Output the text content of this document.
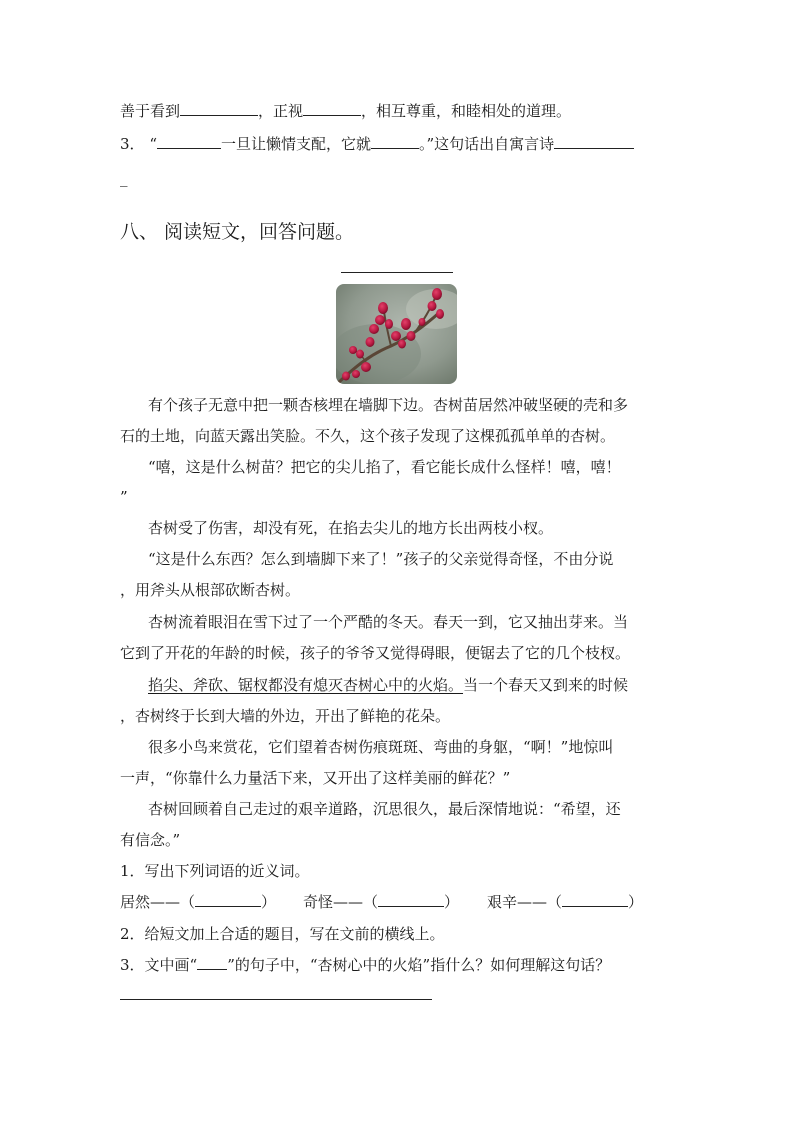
善于看到	，正视	，相互尊重，和睦相处的道理。
3． “	一旦让懒情支配，它就	。”这句话出自寓言诗
_
八、 阅读短文，回答问题。
有个孩子无意中把一颗杏核埋在墙脚下边。杏树苗居然冲破坚硬的壳和多
石的土地，向蓝天露出笑脸。不久，这个孩子发现了这棵孤孤单单的杏树。
“嘻，这是什么树苗？把它的尖儿掐了，看它能长成什么怪样！嘻，嘻！
”
杏树受了伤害，却没有死，在掐去尖儿的地方长出两枝小杈。
“这是什么东西？怎么到墙脚下来了！”孩子的父亲觉得奇怪，不由分说
，用斧头从根部砍断杏树。
杏树流着眼泪在雪下过了一个严酷的冬天。春天一到，它又抽出芽来。当
它到了开花的年龄的时候，孩子的爷爷又觉得碍眼，便锯去了它的几个枝杈。
掐尖、斧砍、锯杈都没有熄灭杏树心中的火焰。当一个春天又到来的时候
，杏树终于长到大墙的外边，开出了鲜艳的花朵。
很多小鸟来赏花，它们望着杏树伤痕斑斑、弯曲的身躯，“啊！”地惊叫
一声，“你靠什么力量活下来，又开出了这样美丽的鲜花？”
杏树回顾着自己走过的艰辛道路，沉思很久，最后深情地说：“希望，还
有信念。”
1．写出下列词语的近义词。
居然——（	） 奇怪——（	） 艰辛——（	）
2．给短文加上合适的题目，写在文前的横线上。
3．文中画“ ”的句子中，“杏树心中的火焰”指什么？如何理解这句话？
